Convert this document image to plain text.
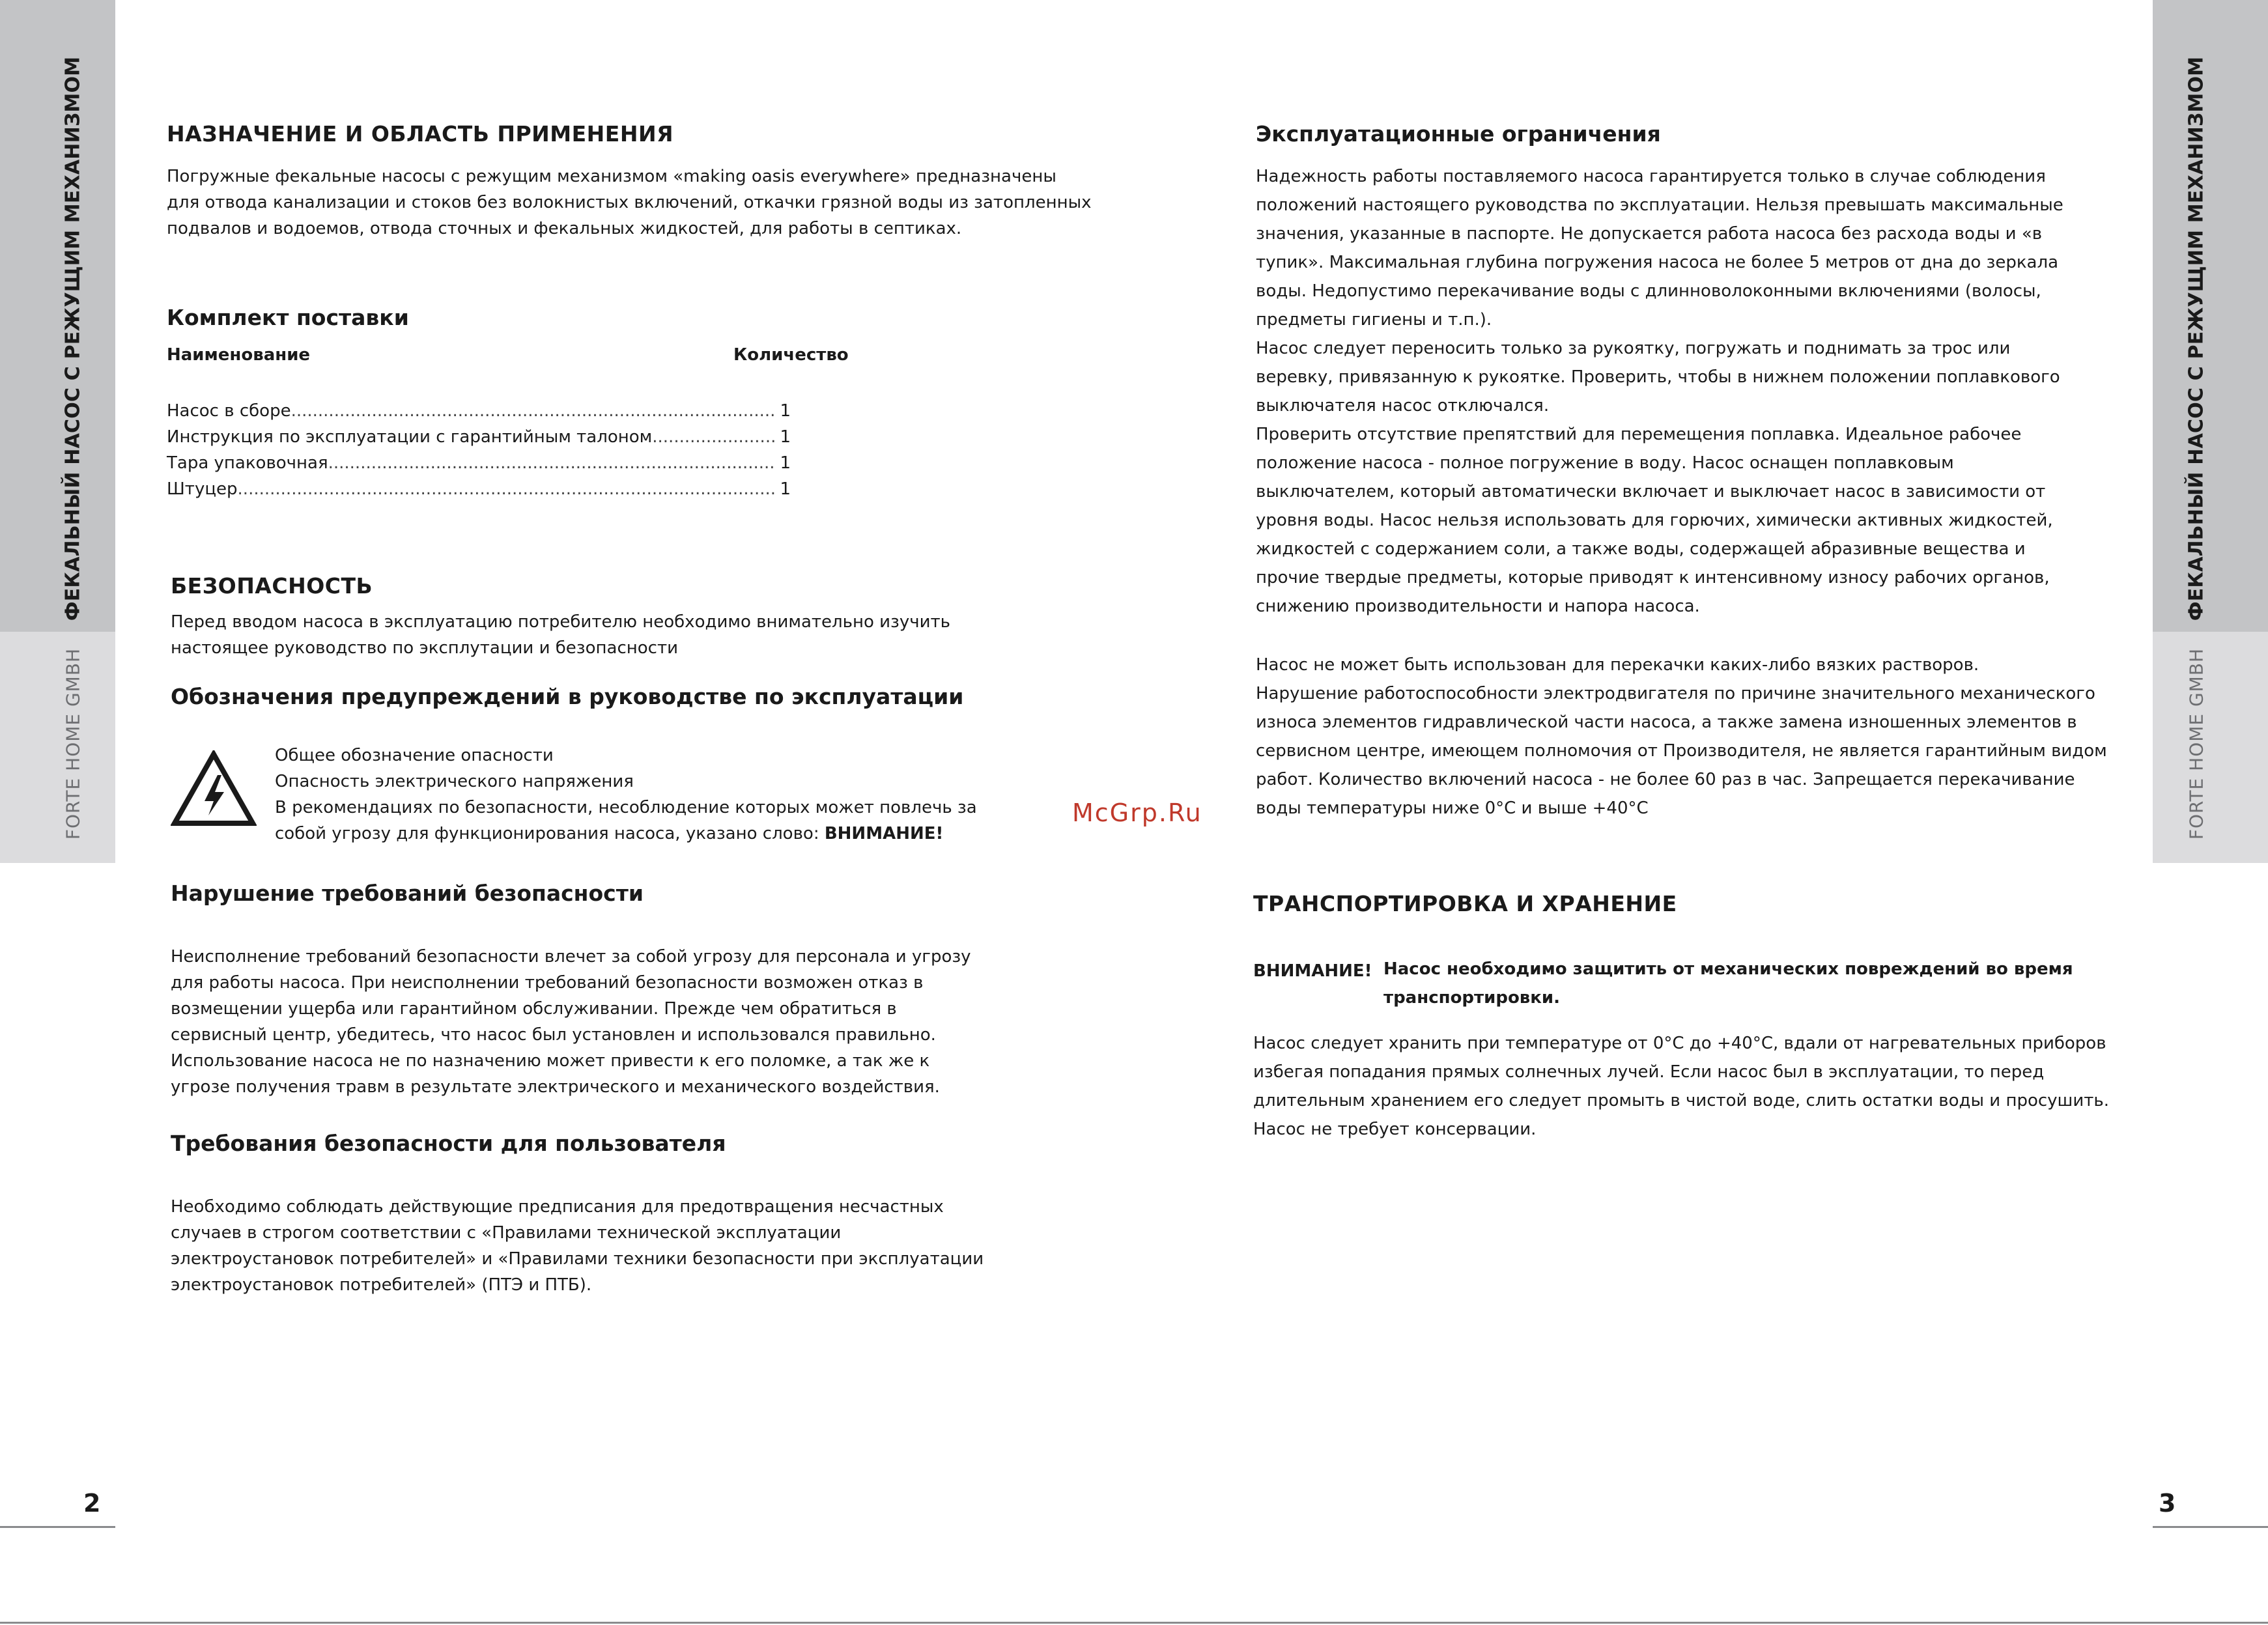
ФЕКАЛЬНЫЙ НАСОС С РЕЖУЩИМ МЕХАНИЗМОМ
FORTE HOME GMBH
ФЕКАЛЬНЫЙ НАСОС С РЕЖУЩИМ МЕХАНИЗМОМ
FORTE HOME GMBH
НАЗНАЧЕНИЕ И ОБЛАСТЬ ПРИМЕНЕНИЯ

Погружные фекальные насосы с режущим механизмом «making oasis everywhere» предназначены

для отвода канализации и стоков без волокнистых включений, откачки грязной воды из затопленных

подвалов и водоемов, отвода сточных и фекальных жидкостей, для работы в септиках.

Комплект поставки
Наименование	Количество
Насос в сборе .....	1
Инструкция по эксплуатации с гарантийным талоном .....	1
Тара упаковочная .....	1
Штуцер .....	1
БЕЗОПАСНОСТЬ

Перед вводом насоса в эксплуатацию потребителю необходимо внимательно изучить

настоящее руководство по эксплутации и безопасности

Обозначения предупреждений в руководстве по эксплуатации

Общее обозначение опасности

Опасность электрического напряжения

В рекомендациях по безопасности, несоблюдение которых может повлечь за

собой угрозу для функционирования насоса, указано слово: ВНИМАНИЕ!

Нарушение требований безопасности

Неисполнение требований безопасности влечет за собой угрозу для персонала и угрозу

для работы насоса. При неисполнении требований безопасности возможен отказ в

возмещении ущерба или гарантийном обслуживании. Прежде чем обратиться в

сервисный центр, убедитесь, что насос был установлен и использовался правильно.

Использование насоса не по назначению может привести к его поломке, а так же к

угрозе получения травм в результате электрического и механического воздействия.

Требования безопасности для пользователя

Необходимо соблюдать действующие предписания для предотвращения несчастных

случаев в строгом соответствии с «Правилами технической эксплуатации

электроустановок потребителей» и «Правилами техники безопасности при эксплуатации

электроустановок потребителей» (ПТЭ и ПТБ).

McGrp.Ru
2
Эксплуатационные ограничения

Надежность работы поставляемого насоса гарантируется только в случае соблюдения

положений настоящего руководства по эксплуатации. Нельзя превышать максимальные

значения, указанные в паспорте. Не допускается работа насоса без расхода воды и «в

тупик». Максимальная глубина погружения насоса не более 5 метров от дна до зеркала

воды. Недопустимо перекачивание воды с длинноволоконными включениями (волосы,

предметы гигиены и т.п.).

Насос следует переносить только за рукоятку, погружать и поднимать за трос или

веревку, привязанную к рукоятке. Проверить, чтобы в нижнем положении поплавкового

выключателя насос отключался.

Проверить отсутствие препятствий для перемещения поплавка. Идеальное рабочее

положение насоса - полное погружение в воду. Насос оснащен поплавковым

выключателем, который автоматически включает и выключает насос в зависимости от

уровня воды. Насос нельзя использовать для горючих, химически активных жидкостей,

жидкостей с содержанием соли, а также воды, содержащей абразивные вещества и

прочие твердые предметы, которые приводят к интенсивному износу рабочих органов,

снижению производительности и напора насоса.

Насос не может быть использован для перекачки каких-либо вязких растворов.

Нарушение работоспособности электродвигателя по причине значительного механического

износа элементов гидравлической части насоса, а также замена изношенных элементов в

сервисном центре, имеющем полномочия от Производителя, не является гарантийным видом

работ. Количество включений насоса - не более 60 раз в час. Запрещается перекачивание

воды температуры ниже 0°С и выше +40°С

ТРАНСПОРТИРОВКА И ХРАНЕНИЕ
ВНИМАНИЕ! Насос необходимо защитить от механических повреждений во время

транспортировки.

Насос следует хранить при температуре от 0°С до +40°С, вдали от нагревательных приборов

избегая попадания прямых солнечных лучей. Если насос был в эксплуатации, то перед

длительным хранением его следует промыть в чистой воде, слить остатки воды и просушить.

Насос не требует консервации.

3
